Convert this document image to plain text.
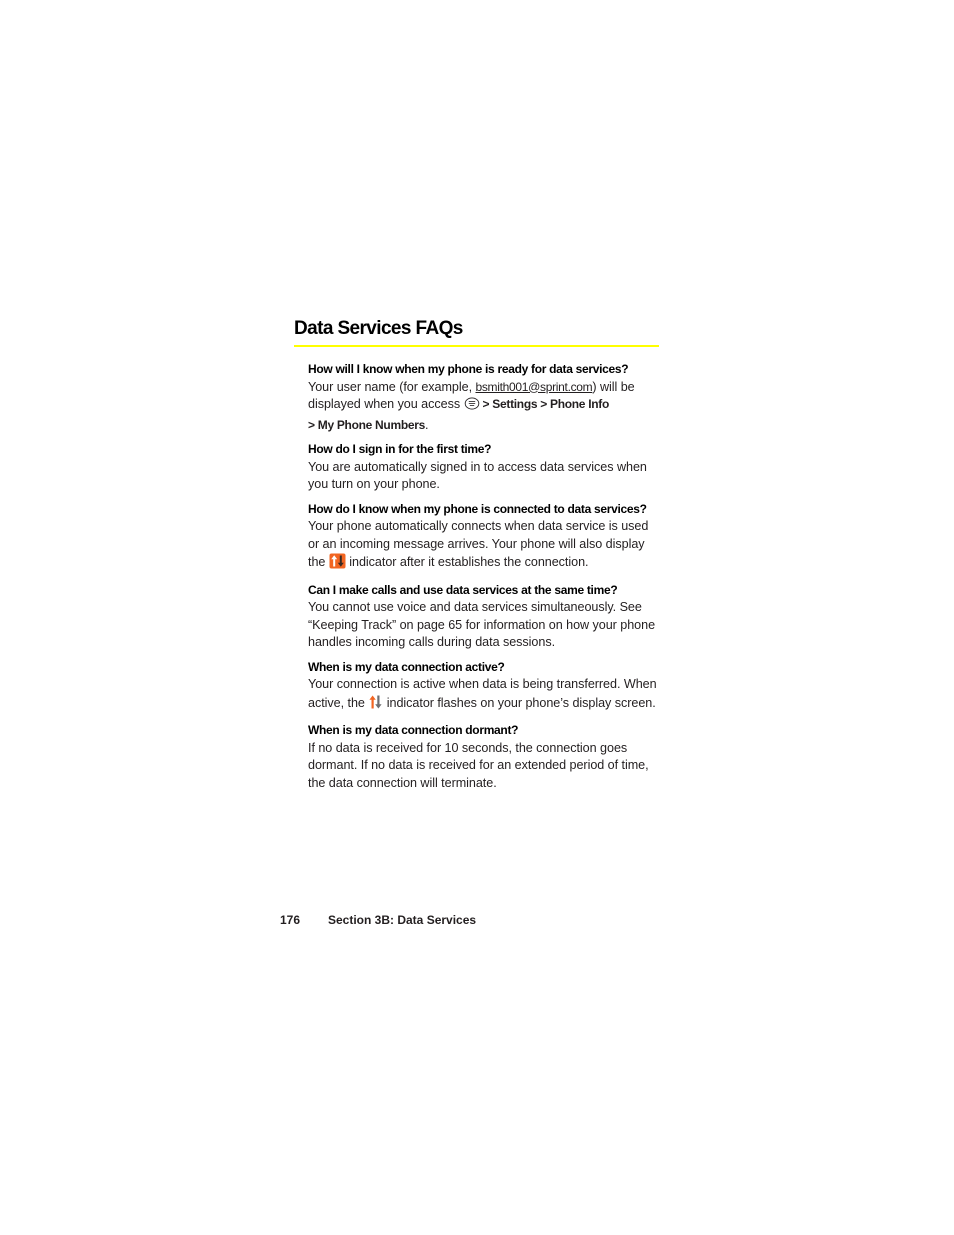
Data Services FAQs

How will I know when my phone is ready for data services?

Your user name (for example, bsmith001@sprint.com) will be displayed when you access  > Settings > Phone Info
> My Phone Numbers.

How do I sign in for the first time?

You are automatically signed in to access data services when you turn on your phone.

How do I know when my phone is connected to data services?

Your phone automatically connects when data service is used or an incoming message arrives. Your phone will also display the  indicator after it establishes the connection.

Can I make calls and use data services at the same time?

You cannot use voice and data services simultaneously. See “Keeping Track” on page 65 for information on how your phone handles incoming calls during data sessions.

When is my data connection active?

Your connection is active when data is being transferred. When active, the  indicator flashes on your phone’s display screen.

When is my data connection dormant?

If no data is received for 10 seconds, the connection goes dormant. If no data is received for an extended period of time, the data connection will terminate.

176 Section 3B: Data Services
